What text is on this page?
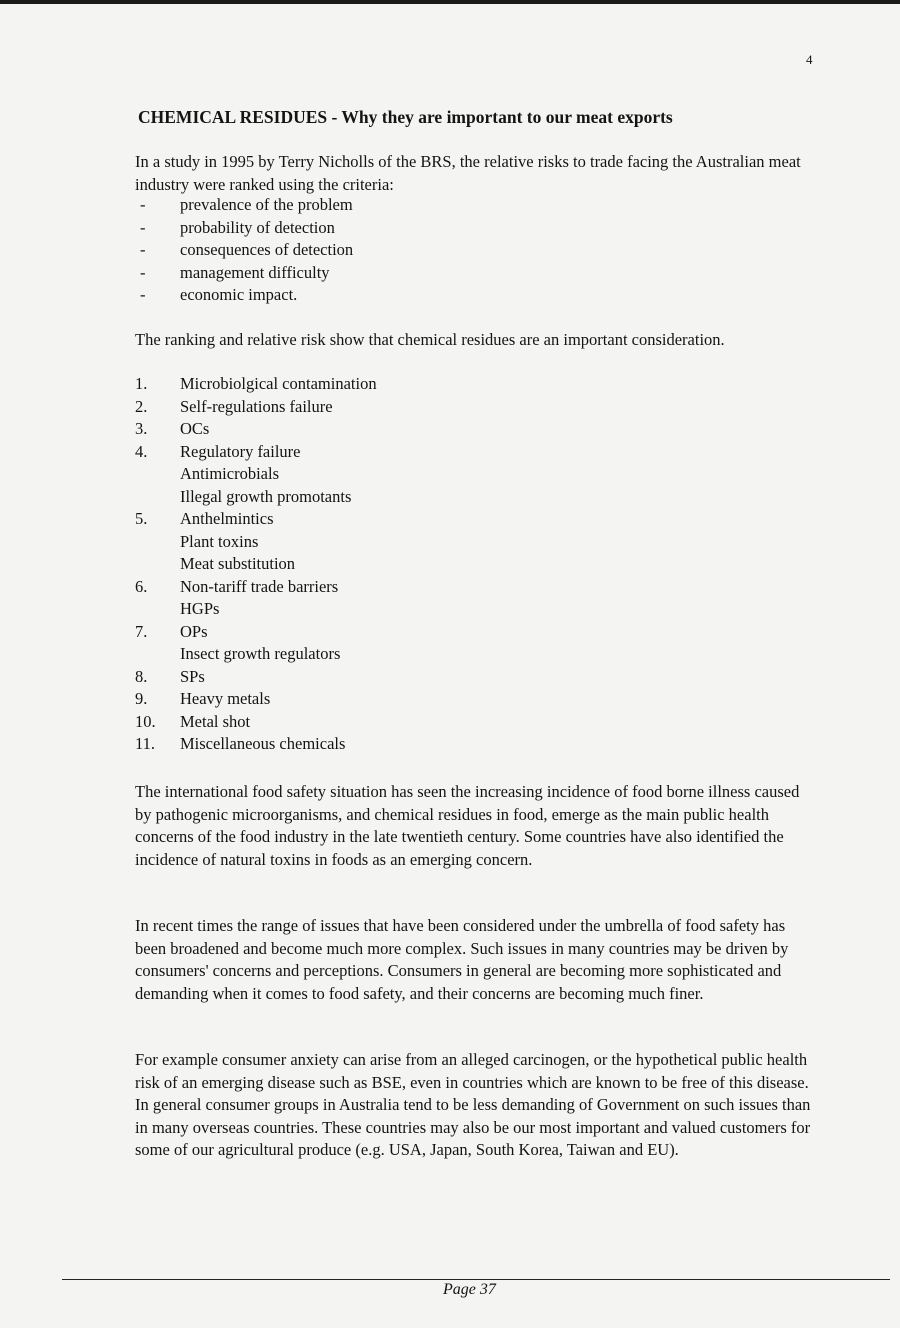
4
CHEMICAL RESIDUES - Why they are important to our meat exports
In a study in 1995 by Terry Nicholls of the BRS, the relative risks to trade facing the Australian meat industry were ranked using the criteria:
- prevalence of the problem
- probability of detection
- consequences of detection
- management difficulty
- economic impact.
The ranking and relative risk show that chemical residues are an important consideration.
1. Microbiolgical contamination
2. Self-regulations failure
3. OCs
4. Regulatory failure
Antimicrobials
Illegal growth promotants
5. Anthelmintics
Plant toxins
Meat substitution
6. Non-tariff trade barriers
HGPs
7. OPs
Insect growth regulators
8. SPs
9. Heavy metals
10. Metal shot
11. Miscellaneous chemicals
The international food safety situation has seen the increasing incidence of food borne illness caused by pathogenic microorganisms, and chemical residues in food, emerge as the main public health concerns of the food industry in the late twentieth century. Some countries have also identified the incidence of natural toxins in foods as an emerging concern.
In recent times the range of issues that have been considered under the umbrella of food safety has been broadened and become much more complex. Such issues in many countries may be driven by consumers' concerns and perceptions. Consumers in general are becoming more sophisticated and demanding when it comes to food safety, and their concerns are becoming much finer.
For example consumer anxiety can arise from an alleged carcinogen, or the hypothetical public health risk of an emerging disease such as BSE, even in countries which are known to be free of this disease. In general consumer groups in Australia tend to be less demanding of Government on such issues than in many overseas countries. These countries may also be our most important and valued customers for some of our agricultural produce (e.g. USA, Japan, South Korea, Taiwan and EU).
Page 37
